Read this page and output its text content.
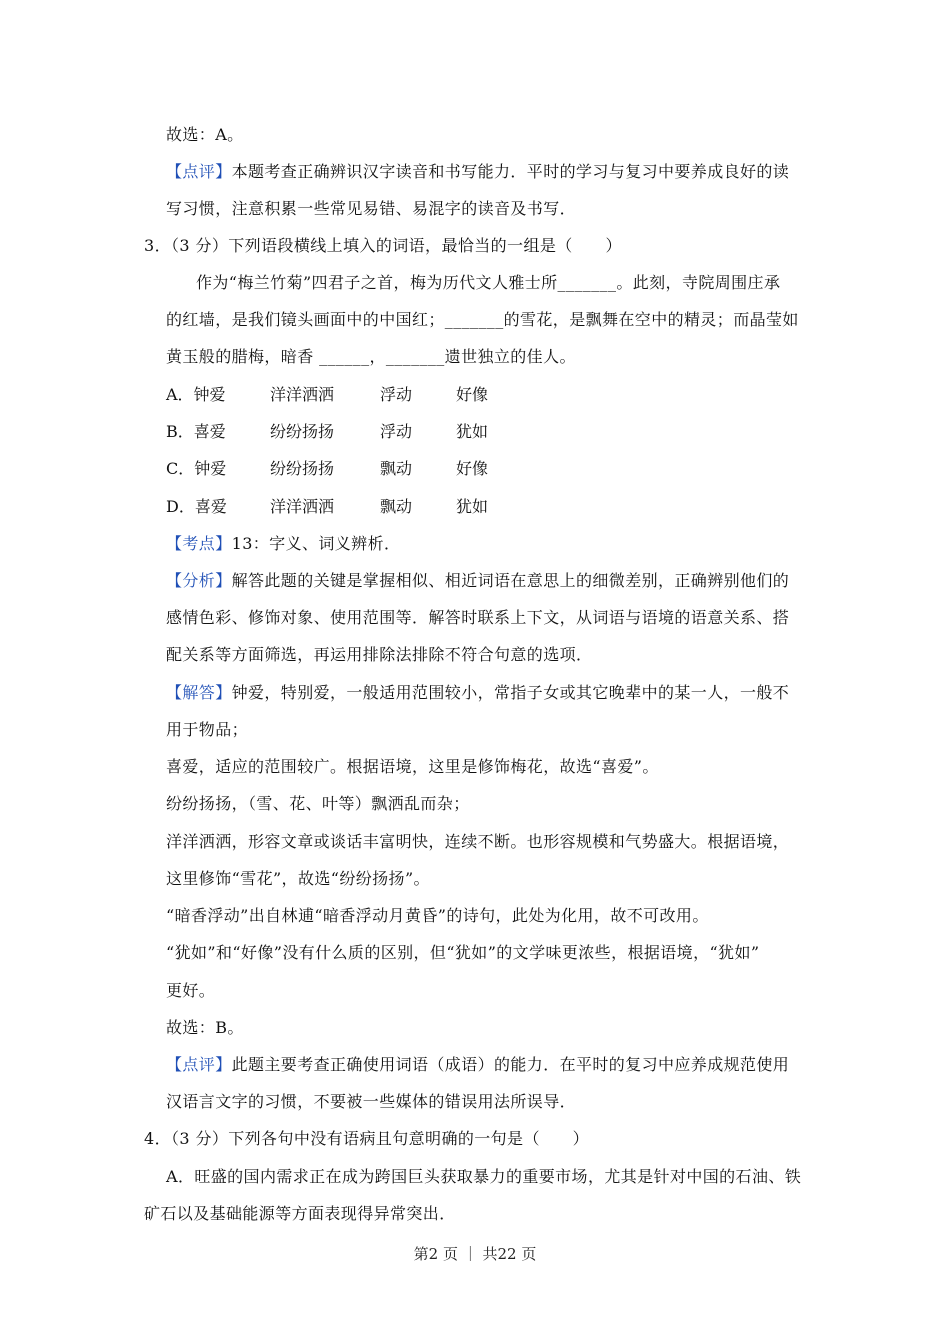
故选：A。
【点评】本题考查正确辨识汉字读音和书写能力．平时的学习与复习中要养成良好的读
写习惯，注意积累一些常见易错、易混字的读音及书写．
3．（3 分）下列语段横线上填入的词语，最恰当的一组是（　　）
作为“梅兰竹菊”四君子之首，梅为历代文人雅士所_______。此刻，寺院周围庄承
的红墙，是我们镜头画面中的中国红；_______的雪花，是飘舞在空中的精灵；而晶莹如
黄玉般的腊梅，暗香 ______，_______遗世独立的佳人。
A．钟爱	洋洋洒洒	浮动	好像
B．喜爱	纷纷扬扬	浮动	犹如
C．钟爱	纷纷扬扬	飘动	好像
D．喜爱	洋洋洒洒	飘动	犹如
【考点】13：字义、词义辨析．
【分析】解答此题的关键是掌握相似、相近词语在意思上的细微差别，正确辨别他们的
感情色彩、修饰对象、使用范围等．解答时联系上下文，从词语与语境的语意关系、搭
配关系等方面筛选，再运用排除法排除不符合句意的选项．
【解答】钟爱，特别爱，一般适用范围较小，常指子女或其它晚辈中的某一人，一般不
用于物品；
喜爱，适应的范围较广。根据语境，这里是修饰梅花，故选“喜爱”。
纷纷扬扬，（雪、花、叶等）飘洒乱而杂；
洋洋洒洒，形容文章或谈话丰富明快，连续不断。也形容规模和气势盛大。根据语境，
这里修饰“雪花”，故选“纷纷扬扬”。
“暗香浮动”出自林逋“暗香浮动月黄昏”的诗句，此处为化用，故不可改用。
“犹如”和“好像”没有什么质的区别，但“犹如”的文学味更浓些，根据语境，“犹如”
更好。
故选：B。
【点评】此题主要考查正确使用词语（成语）的能力．在平时的复习中应养成规范使用
汉语言文字的习惯，不要被一些媒体的错误用法所误导．
4．（3 分）下列各句中没有语病且句意明确的一句是（　　）
A．旺盛的国内需求正在成为跨国巨头获取暴力的重要市场，尤其是针对中国的石油、铁
矿石以及基础能源等方面表现得异常突出．
第2 页 ｜ 共22 页
